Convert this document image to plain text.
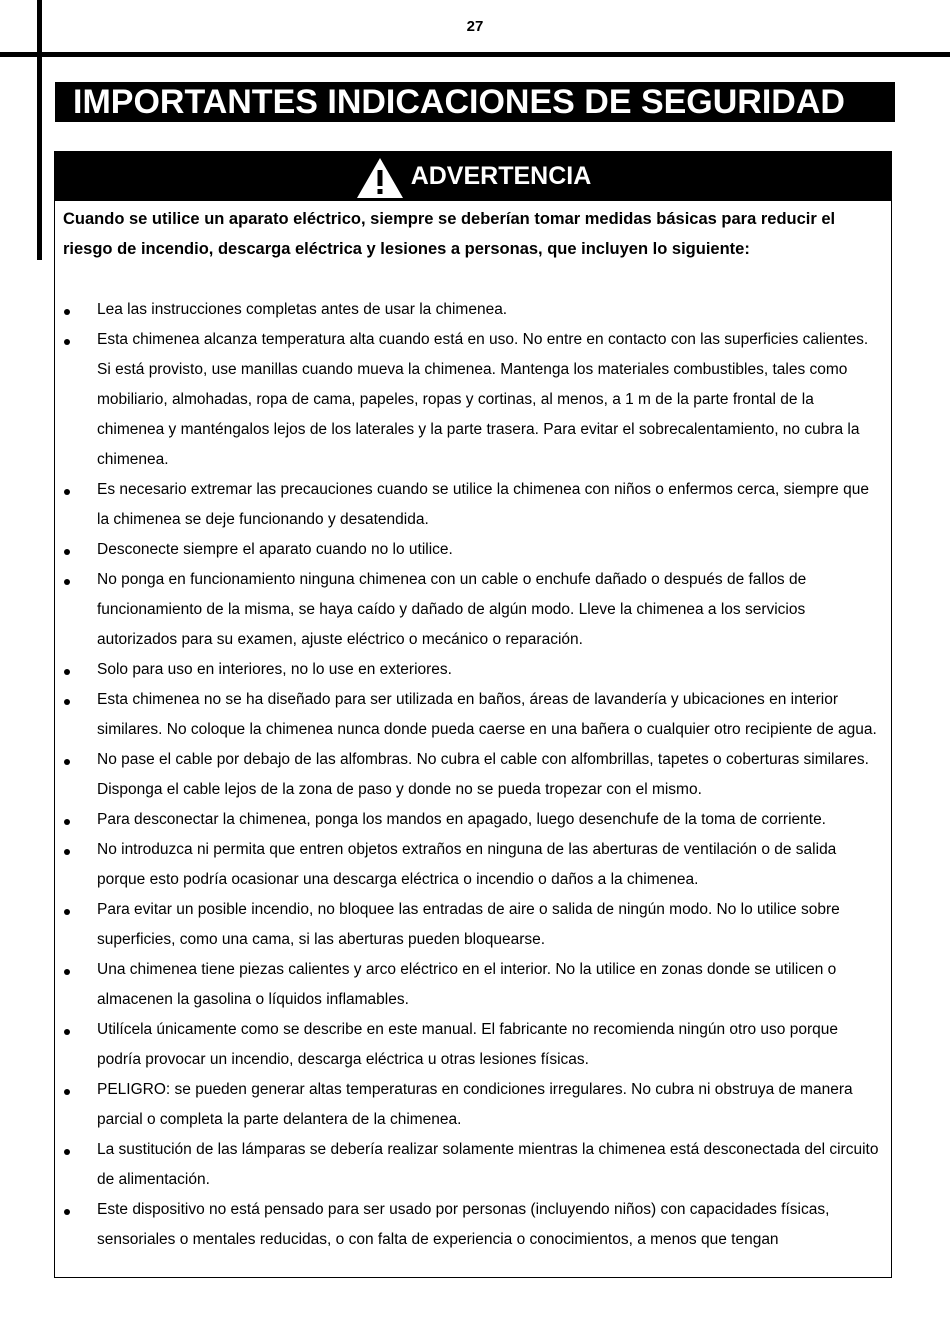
27
IMPORTANTES INDICACIONES DE SEGURIDAD
ADVERTENCIA

Cuando se utilice un aparato eléctrico, siempre se deberían tomar medidas básicas para reducir el riesgo de incendio, descarga eléctrica y lesiones a personas, que incluyen lo siguiente:

Lea las instrucciones completas antes de usar la chimenea.
Esta chimenea alcanza temperatura alta cuando está en uso. No entre en contacto con las superficies calientes. Si está provisto, use manillas cuando mueva la chimenea. Mantenga los materiales combustibles, tales como mobiliario, almohadas, ropa de cama, papeles, ropas y cortinas, al menos, a 1 m de la parte frontal de la chimenea y manténgalos lejos de los laterales y la parte trasera. Para evitar el sobrecalentamiento, no cubra la chimenea.
Es necesario extremar las precauciones cuando se utilice la chimenea con niños o enfermos cerca, siempre que la chimenea se deje funcionando y desatendida.
Desconecte siempre el aparato cuando no lo utilice.
No ponga en funcionamiento ninguna chimenea con un cable o enchufe dañado o después de fallos de funcionamiento de la misma, se haya caído y dañado de algún modo. Lleve la chimenea a los servicios autorizados para su examen, ajuste eléctrico o mecánico o reparación.
Solo para uso en interiores, no lo use en exteriores.
Esta chimenea no se ha diseñado para ser utilizada en baños, áreas de lavandería y ubicaciones en interior similares. No coloque la chimenea nunca donde pueda caerse en una bañera o cualquier otro recipiente de agua.
No pase el cable por debajo de las alfombras. No cubra el cable con alfombrillas, tapetes o coberturas similares. Disponga el cable lejos de la zona de paso y donde no se pueda tropezar con el mismo.
Para desconectar la chimenea, ponga los mandos en apagado, luego desenchufe de la toma de corriente.
No introduzca ni permita que entren objetos extraños en ninguna de las aberturas de ventilación o de salida porque esto podría ocasionar una descarga eléctrica o incendio o daños a la chimenea.
Para evitar un posible incendio, no bloquee las entradas de aire o salida de ningún modo. No lo utilice sobre superficies, como una cama, si las aberturas pueden bloquearse.
Una chimenea tiene piezas calientes y arco eléctrico en el interior. No la utilice en zonas donde se utilicen o almacenen la gasolina o líquidos inflamables.
Utilícela únicamente como se describe en este manual. El fabricante no recomienda ningún otro uso porque podría provocar un incendio, descarga eléctrica u otras lesiones físicas.
PELIGRO: se pueden generar altas temperaturas en condiciones irregulares. No cubra ni obstruya de manera parcial o completa la parte delantera de la chimenea.
La sustitución de las lámparas se debería realizar solamente mientras la chimenea está desconectada del circuito de alimentación.
Este dispositivo no está pensado para ser usado por personas (incluyendo niños) con capacidades físicas, sensoriales o mentales reducidas, o con falta de experiencia o conocimientos, a menos que tengan
